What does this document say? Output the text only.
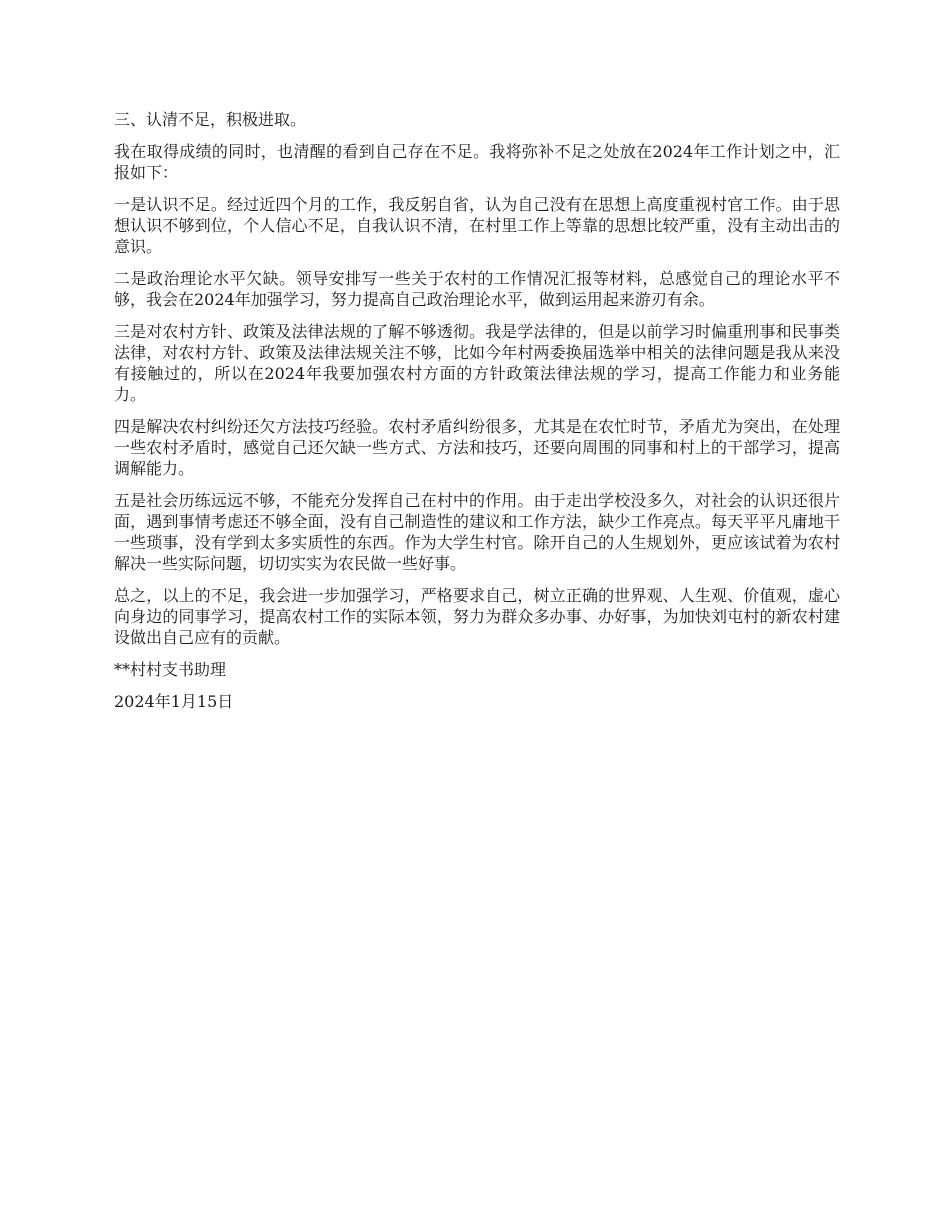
三、认清不足，积极进取。

我在取得成绩的同时，也清醒的看到自己存在不足。我将弥补不足之处放在2024年工作计划之中，汇报如下：

一是认识不足。经过近四个月的工作，我反躬自省，认为自己没有在思想上高度重视村官工作。由于思想认识不够到位，个人信心不足，自我认识不清，在村里工作上等靠的思想比较严重，没有主动出击的意识。

二是政治理论水平欠缺。领导安排写一些关于农村的工作情况汇报等材料，总感觉自己的理论水平不够，我会在2024年加强学习，努力提高自己政治理论水平，做到运用起来游刃有余。

三是对农村方针、政策及法律法规的了解不够透彻。我是学法律的，但是以前学习时偏重刑事和民事类法律，对农村方针、政策及法律法规关注不够，比如今年村两委换届选举中相关的法律问题是我从来没有接触过的，所以在2024年我要加强农村方面的方针政策法律法规的学习，提高工作能力和业务能力。

四是解决农村纠纷还欠方法技巧经验。农村矛盾纠纷很多，尤其是在农忙时节，矛盾尤为突出，在处理一些农村矛盾时，感觉自己还欠缺一些方式、方法和技巧，还要向周围的同事和村上的干部学习，提高调解能力。

五是社会历练远远不够，不能充分发挥自己在村中的作用。由于走出学校没多久，对社会的认识还很片面，遇到事情考虑还不够全面，没有自己制造性的建议和工作方法，缺少工作亮点。每天平平凡庸地干一些琐事，没有学到太多实质性的东西。作为大学生村官。除开自己的人生规划外，更应该试着为农村解决一些实际问题，切切实实为农民做一些好事。

总之，以上的不足，我会进一步加强学习，严格要求自己，树立正确的世界观、人生观、价值观，虚心向身边的同事学习，提高农村工作的实际本领，努力为群众多办事、办好事，为加快刘屯村的新农村建设做出自己应有的贡献。

**村村支书助理

2024年1月15日
